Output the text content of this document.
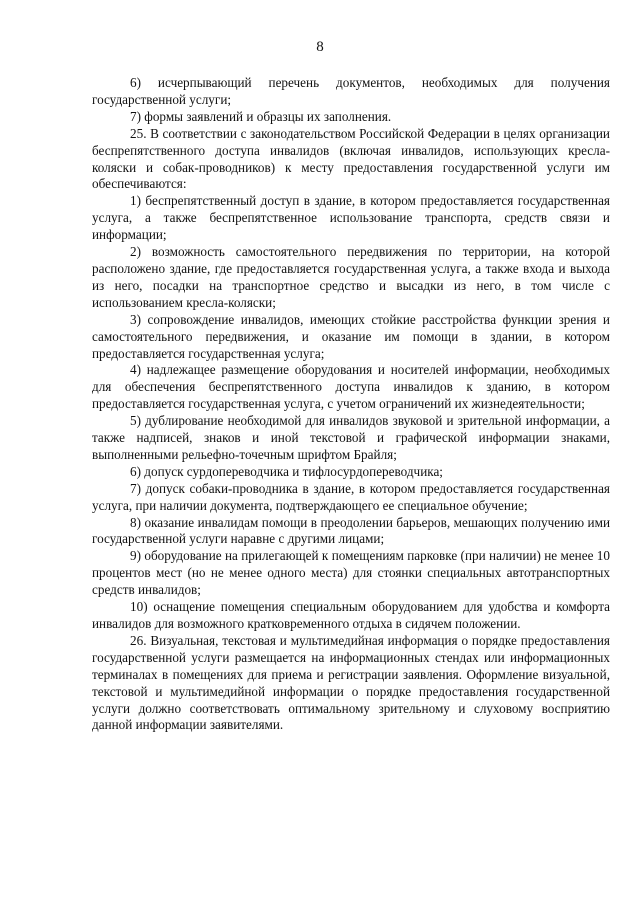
8

6) исчерпывающий перечень документов, необходимых для получения государственной услуги;

7) формы заявлений и образцы их заполнения.

25. В соответствии с законодательством Российской Федерации в целях организации беспрепятственного доступа инвалидов (включая инвалидов, использующих кресла-коляски и собак-проводников) к месту предоставления государственной услуги им обеспечиваются:

1) беспрепятственный доступ в здание, в котором предоставляется государственная услуга, а также беспрепятственное использование транспорта, средств связи и информации;

2) возможность самостоятельного передвижения по территории, на которой расположено здание, где предоставляется государственная услуга, а также входа и выхода из него, посадки на транспортное средство и высадки из него, в том числе с использованием кресла-коляски;

3) сопровождение инвалидов, имеющих стойкие расстройства функции зрения и самостоятельного передвижения, и оказание им помощи в здании, в котором предоставляется государственная услуга;

4) надлежащее размещение оборудования и носителей информации, необходимых для обеспечения беспрепятственного доступа инвалидов к зданию, в котором предоставляется государственная услуга, с учетом ограничений их жизнедеятельности;

5) дублирование необходимой для инвалидов звуковой и зрительной информации, а также надписей, знаков и иной текстовой и графической информации знаками, выполненными рельефно-точечным шрифтом Брайля;

6) допуск сурдопереводчика и тифлосурдопереводчика;

7) допуск собаки-проводника в здание, в котором предоставляется государственная услуга, при наличии документа, подтверждающего ее специальное обучение;

8) оказание инвалидам помощи в преодолении барьеров, мешающих получению ими государственной услуги наравне с другими лицами;

9) оборудование на прилегающей к помещениям парковке (при наличии) не менее 10 процентов мест (но не менее одного места) для стоянки специальных автотранспортных средств инвалидов;

10) оснащение помещения специальным оборудованием для удобства и комфорта инвалидов для возможного кратковременного отдыха в сидячем положении.

26. Визуальная, текстовая и мультимедийная информация о порядке предоставления государственной услуги размещается на информационных стендах или информационных терминалах в помещениях для приема и регистрации заявления. Оформление визуальной, текстовой и мультимедийной информации о порядке предоставления государственной услуги должно соответствовать оптимальному зрительному и слуховому восприятию данной информации заявителями.
